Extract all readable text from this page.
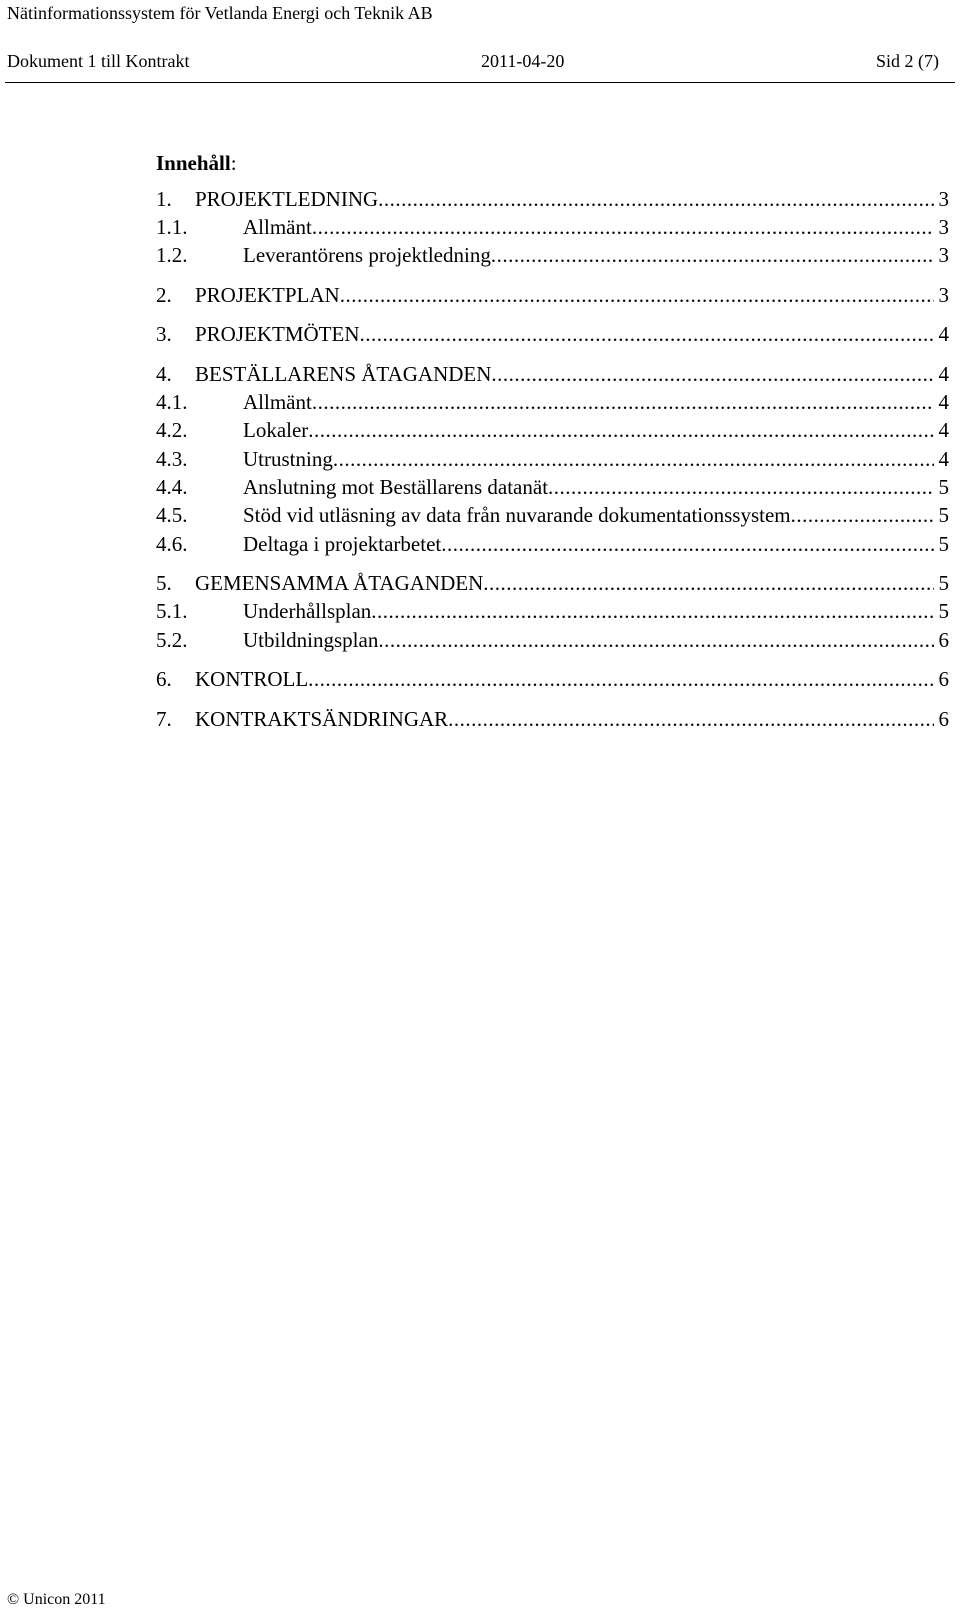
Nätinformationssystem för Vetlanda Energi och Teknik AB
Dokument 1 till Kontrakt	2011-04-20	Sid 2 (7)
Innehåll:
1. PROJEKTLEDNING .....	3
1.1.	Allmänt .....	3
1.2.	Leverantörens projektledning .....	3
2. PROJEKTPLAN .....	3
3. PROJEKTMÖTEN .....	4
4. BESTÄLLARENS ÅTAGANDEN .....	4
4.1.	Allmänt .....	4
4.2.	Lokaler .....	4
4.3.	Utrustning .....	4
4.4.	Anslutning mot Beställarens datanät .....	5
4.5.	Stöd vid utläsning av data från nuvarande dokumentationssystem .....	5
4.6.	Deltaga i projektarbetet .....	5
5. GEMENSAMMA ÅTAGANDEN .....	5
5.1.	Underhållsplan .....	5
5.2.	Utbildningsplan .....	6
6. KONTROLL .....	6
7. KONTRAKTSÄNDRINGAR .....	6
© Unicon 2011
